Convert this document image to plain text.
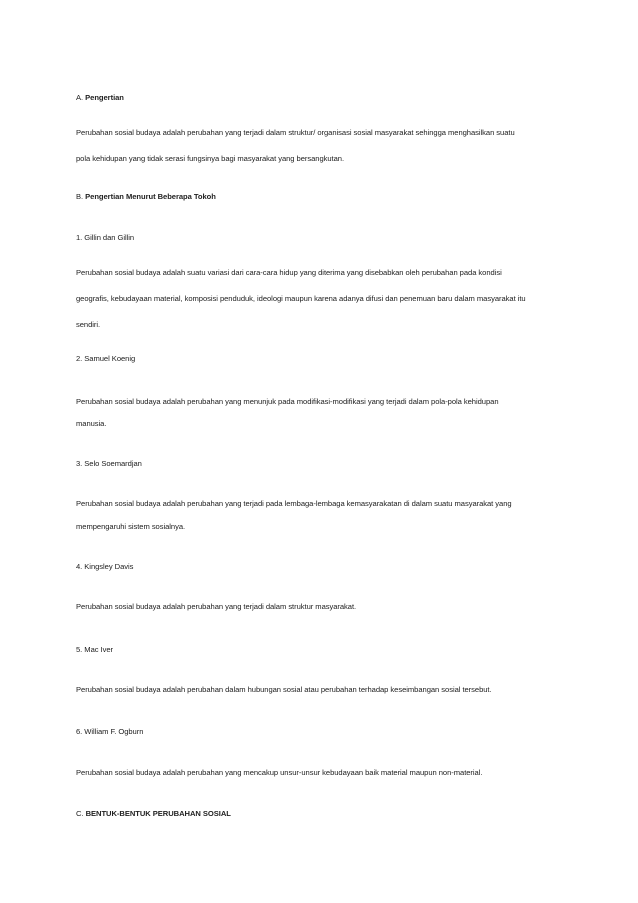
A. Pengertian
Perubahan sosial budaya adalah perubahan yang terjadi dalam struktur/ organisasi sosial masyarakat sehingga menghasilkan suatu
pola kehidupan yang tidak serasi fungsinya bagi masyarakat yang bersangkutan.
B. Pengertian Menurut Beberapa Tokoh
1. Gillin dan Gillin
Perubahan sosial budaya adalah suatu variasi dari cara-cara hidup yang diterima yang disebabkan oleh perubahan pada kondisi
geografis, kebudayaan material, komposisi penduduk, ideologi maupun karena adanya difusi dan penemuan baru dalam masyarakat itu
sendiri.
2. Samuel Koenig
Perubahan sosial budaya adalah perubahan yang menunjuk pada modifikasi-modifikasi yang terjadi dalam pola-pola kehidupan
manusia.
3. Selo Soemardjan
Perubahan sosial budaya adalah perubahan yang terjadi pada lembaga-lembaga kemasyarakatan di dalam suatu masyarakat yang
mempengaruhi sistem sosialnya.
4. Kingsley Davis
Perubahan sosial budaya adalah perubahan yang terjadi dalam struktur masyarakat.
5. Mac Iver
Perubahan sosial budaya adalah perubahan dalam hubungan sosial atau perubahan terhadap keseimbangan sosial tersebut.
6. William F. Ogburn
Perubahan sosial budaya adalah perubahan yang mencakup unsur-unsur kebudayaan baik material maupun non-material.
C. BENTUK-BENTUK PERUBAHAN SOSIAL
